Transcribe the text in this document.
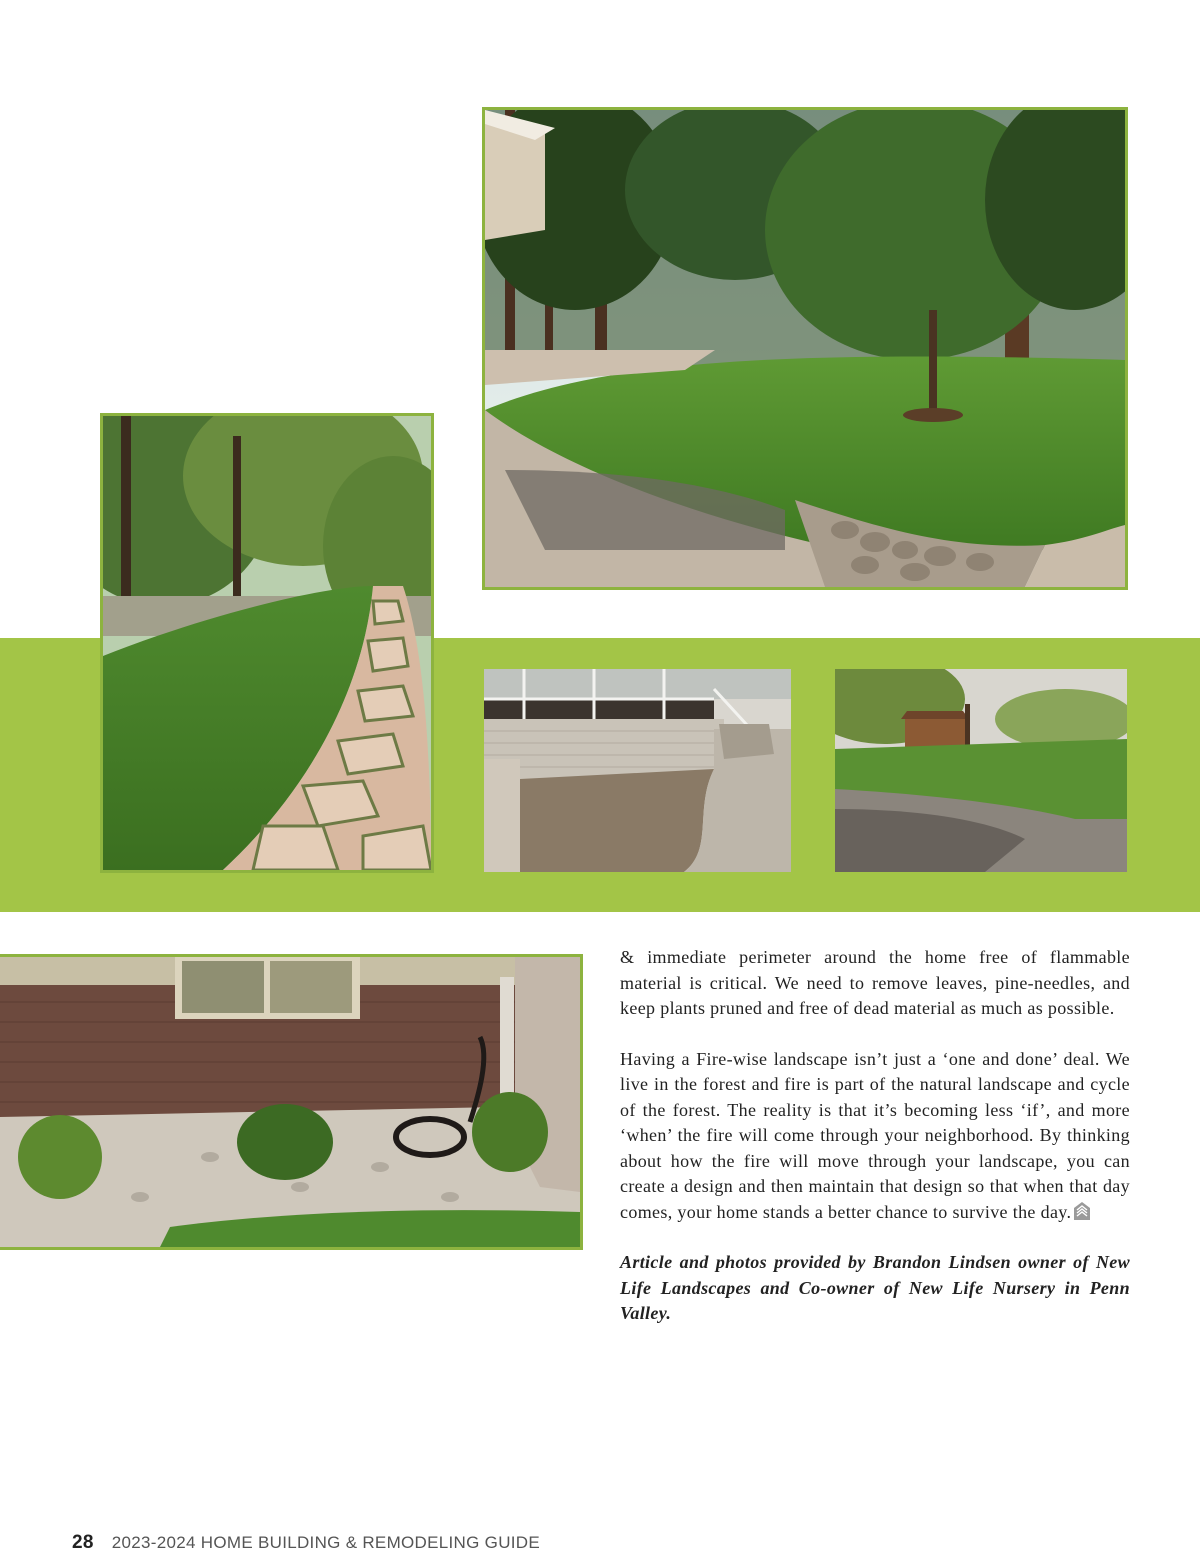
& immediate perimeter around the home free of flammable material is critical. We need to remove leaves, pine-needles, and keep plants pruned and free of dead material as much as possible.

Having a Fire-wise landscape isn’t just a ‘one and done’ deal. We live in the forest and fire is part of the natural landscape and cycle of the forest. The reality is that it’s becoming less ‘if’, and more ‘when’ the fire will come through your neighborhood. By thinking about how the fire will move through your landscape, you can create a design and then maintain that design so that when that day comes, your home stands a better chance to survive the day.

Article and photos provided by Brandon Lindsen owner of New Life Landscapes and Co-owner of New Life Nursery in Penn Valley.

28 2023-2024 HOME BUILDING & REMODELING GUIDE
